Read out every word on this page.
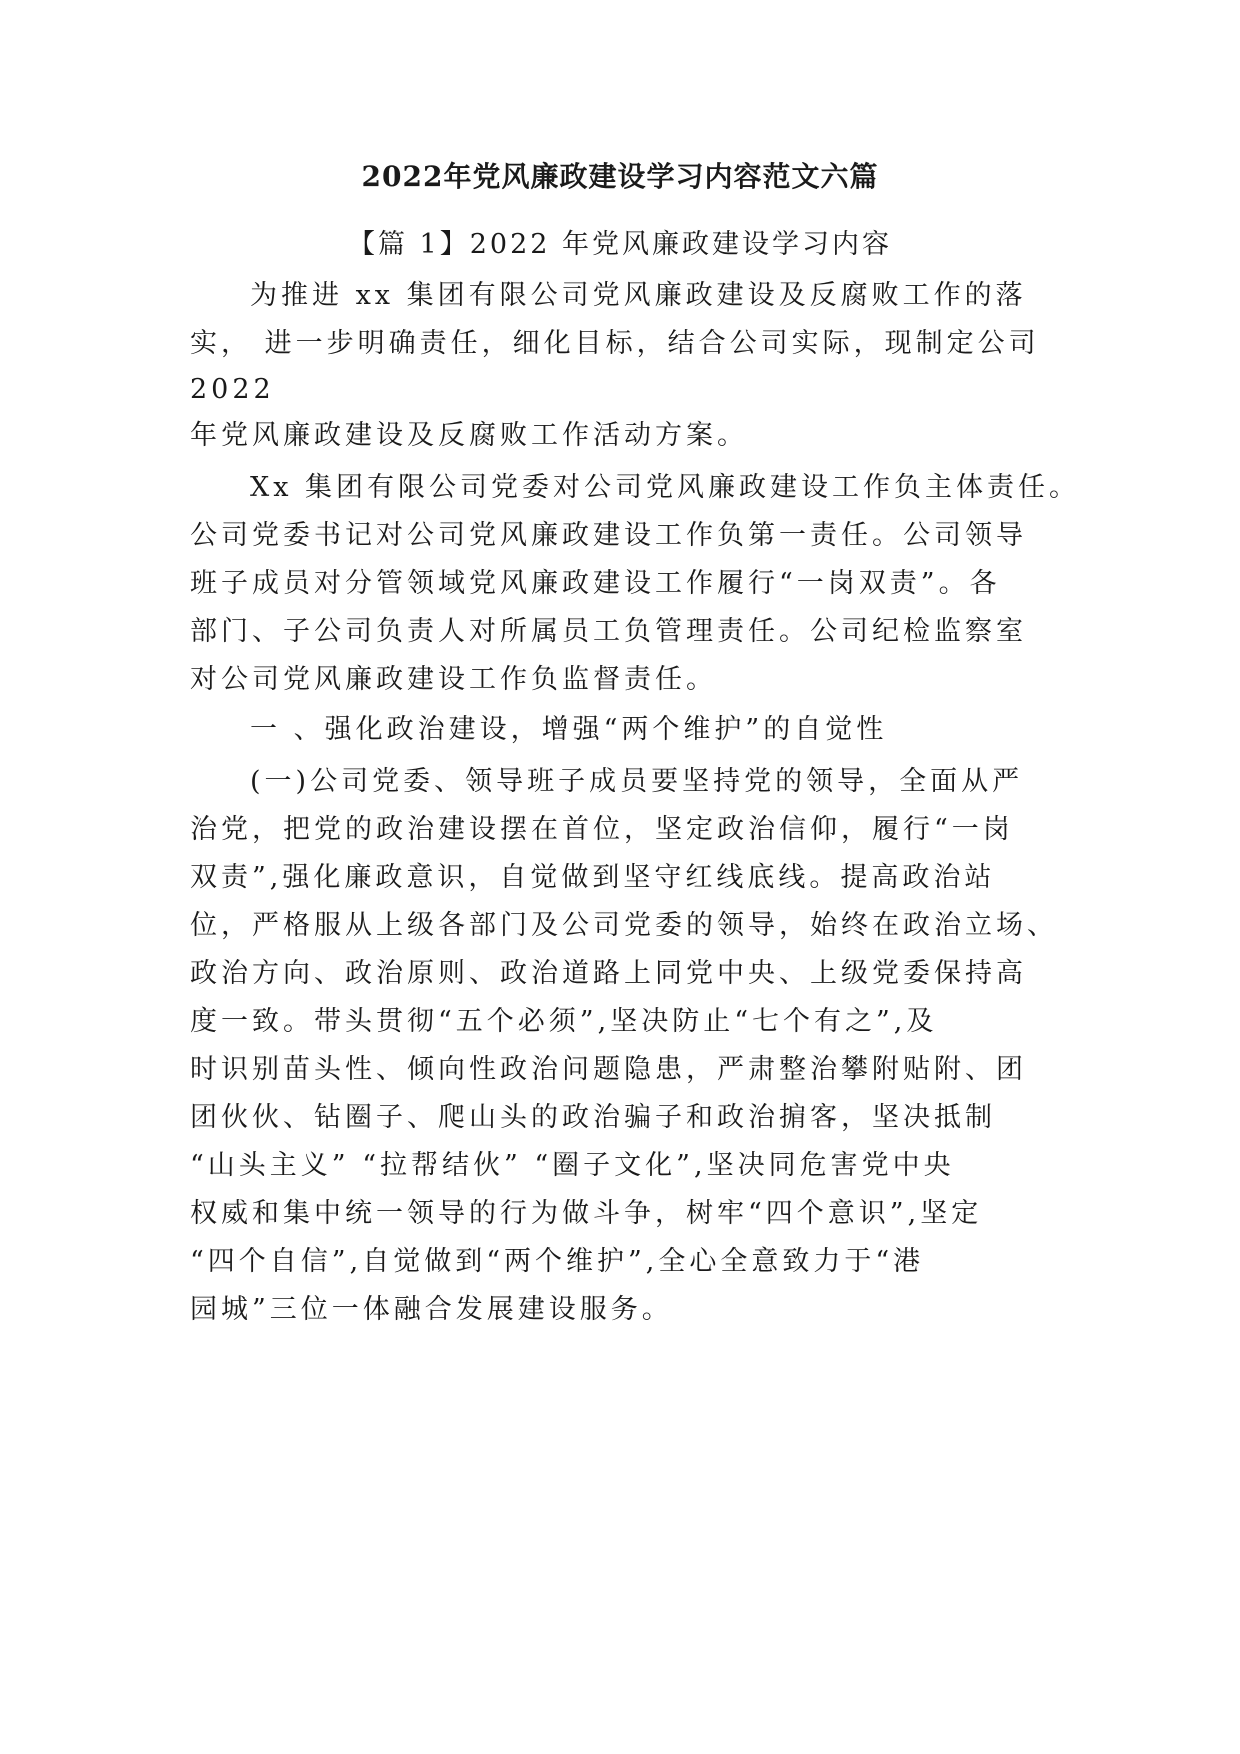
2022年党风廉政建设学习内容范文六篇
【篇 1】2022 年党风廉政建设学习内容
为推进 xx 集团有限公司党风廉政建设及反腐败工作的落
实， 进一步明确责任，细化目标，结合公司实际，现制定公司
2022
年党风廉政建设及反腐败工作活动方案。
Xx 集团有限公司党委对公司党风廉政建设工作负主体责任。
公司党委书记对公司党风廉政建设工作负第一责任。公司领导
班子成员对分管领域党风廉政建设工作履行“一岗双责”。各
部门、子公司负责人对所属员工负管理责任。公司纪检监察室
对公司党风廉政建设工作负监督责任。
一 、强化政治建设，增强“两个维护”的自觉性
(一)公司党委、领导班子成员要坚持党的领导，全面从严
治党，把党的政治建设摆在首位，坚定政治信仰，履行“一岗
双责”,强化廉政意识，自觉做到坚守红线底线。提高政治站
位，严格服从上级各部门及公司党委的领导，始终在政治立场、
政治方向、政治原则、政治道路上同党中央、上级党委保持高
度一致。带头贯彻“五个必须”,坚决防止“七个有之”,及
时识别苗头性、倾向性政治问题隐患，严肃整治攀附贴附、团
团伙伙、钻圈子、爬山头的政治骗子和政治掮客，坚决抵制
“山头主义” “拉帮结伙” “圈子文化”,坚决同危害党中央
权威和集中统一领导的行为做斗争，树牢“四个意识”,坚定
“四个自信”,自觉做到“两个维护”,全心全意致力于“港
园城”三位一体融合发展建设服务。
